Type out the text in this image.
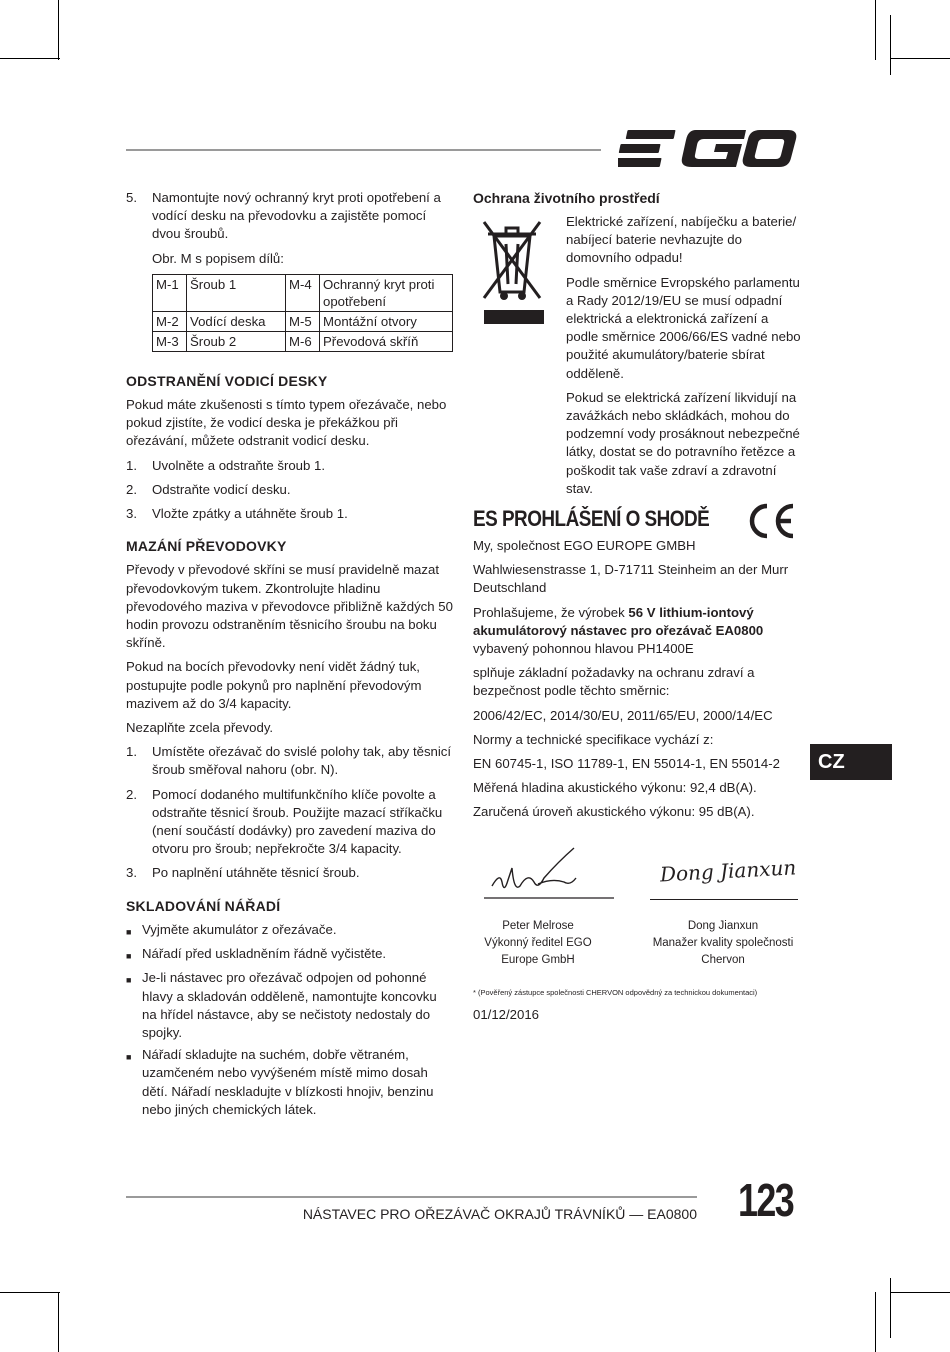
5.	Namontujte nový ochranný kryt proti opotřebení a vodící desku na převodovku a zajistěte pomocí dvou šroubů.
Obr. M s popisem dílů:
M-1	Šroub 1	M-4	Ochranný kryt proti opotřebení
M-2	Vodící deska	M-5	Montážní otvory
M-3	Šroub 2	M-6	Převodová skříň
ODSTRANĚNÍ VODICÍ DESKY
Pokud máte zkušenosti s tímto typem ořezávače, nebo pokud zjistíte, že vodicí deska je překážkou při ořezávání, můžete odstranit vodicí desku.
1.	Uvolněte a odstraňte šroub 1.
2.	Odstraňte vodicí desku.
3.	Vložte zpátky a utáhněte šroub 1.
MAZÁNÍ PŘEVODOVKY
Převody v převodové skříni se musí pravidelně mazat převodovkovým tukem. Zkontrolujte hladinu převodového maziva v převodovce přibližně každých 50 hodin provozu odstraněním těsnicího šroubu na boku skříně.
Pokud na bocích převodovky není vidět žádný tuk, postupujte podle pokynů pro naplnění převodovým mazivem až do 3/4 kapacity.
Nezaplňte zcela převody.
1.	Umístěte ořezávač do svislé polohy tak, aby těsnicí šroub směřoval nahoru (obr. N).
2.	Pomocí dodaného multifunkčního klíče povolte a odstraňte těsnicí šroub. Použijte mazací stříkačku (není součástí dodávky) pro zavedení maziva do otvoru pro šroub; nepřekročte 3/4 kapacity.
3.	Po naplnění utáhněte těsnicí šroub.
SKLADOVÁNÍ NÁŘADÍ
■ Vyjměte akumulátor z ořezávače.
■ Nářadí před uskladněním řádně vyčistěte.
■ Je-li nástavec pro ořezávač odpojen od pohonné hlavy a skladován odděleně, namontujte koncovku na hřídel nástavce, aby se nečistoty nedostaly do spojky.
■ Nářadí skladujte na suchém, dobře větraném, uzamčeném nebo vyvýšeném místě mimo dosah dětí. Nářadí neskladujte v blízkosti hnojiv, benzinu nebo jiných chemických látek.
Ochrana životního prostředí
Elektrické zařízení, nabíječku a baterie/ nabíjecí baterie nevhazujte do domovního odpadu!
Podle směrnice Evropského parlamentu a Rady 2012/19/EU se musí odpadní elektrická a elektronická zařízení a podle směrnice 2006/66/ES vadné nebo použité akumulátory/baterie sbírat odděleně.
Pokud se elektrická zařízení likvidují na zavážkách nebo skládkách, mohou do podzemní vody prosáknout nebezpečné látky, dostat se do potravního řetězce a poškodit tak vaše zdraví a zdravotní stav.
ES PROHLÁŠENÍ O SHODĚ
My, společnost EGO EUROPE GMBH
Wahlwiesenstrasse 1, D-71711 Steinheim an der Murr Deutschland
Prohlašujeme, že výrobek 56 V lithium-iontový akumulátorový nástavec pro ořezávač EA0800 vybavený pohonnou hlavou PH1400E
splňuje základní požadavky na ochranu zdraví a bezpečnost podle těchto směrnic:
2006/42/EC, 2014/30/EU, 2011/65/EU, 2000/14/EC
Normy a technické specifikace vychází z:
EN 60745-1, ISO 11789-1, EN 55014-1, EN 55014-2
Měřená hladina akustického výkonu: 92,4 dB(A).
Zaručená úroveň akustického výkonu: 95 dB(A).
CZ
Dong Jianxun
Peter Melrose
Výkonný ředitel EGO
Europe GmbH
Dong Jianxun
Manažer kvality společnosti
Chervon
* (Pověřený zástupce společnosti CHERVON odpovědný za technickou dokumentaci)
01/12/2016
NÁSTAVEC PRO OŘEZÁVAČ OKRAJŮ TRÁVNÍKŮ — EA0800 123
